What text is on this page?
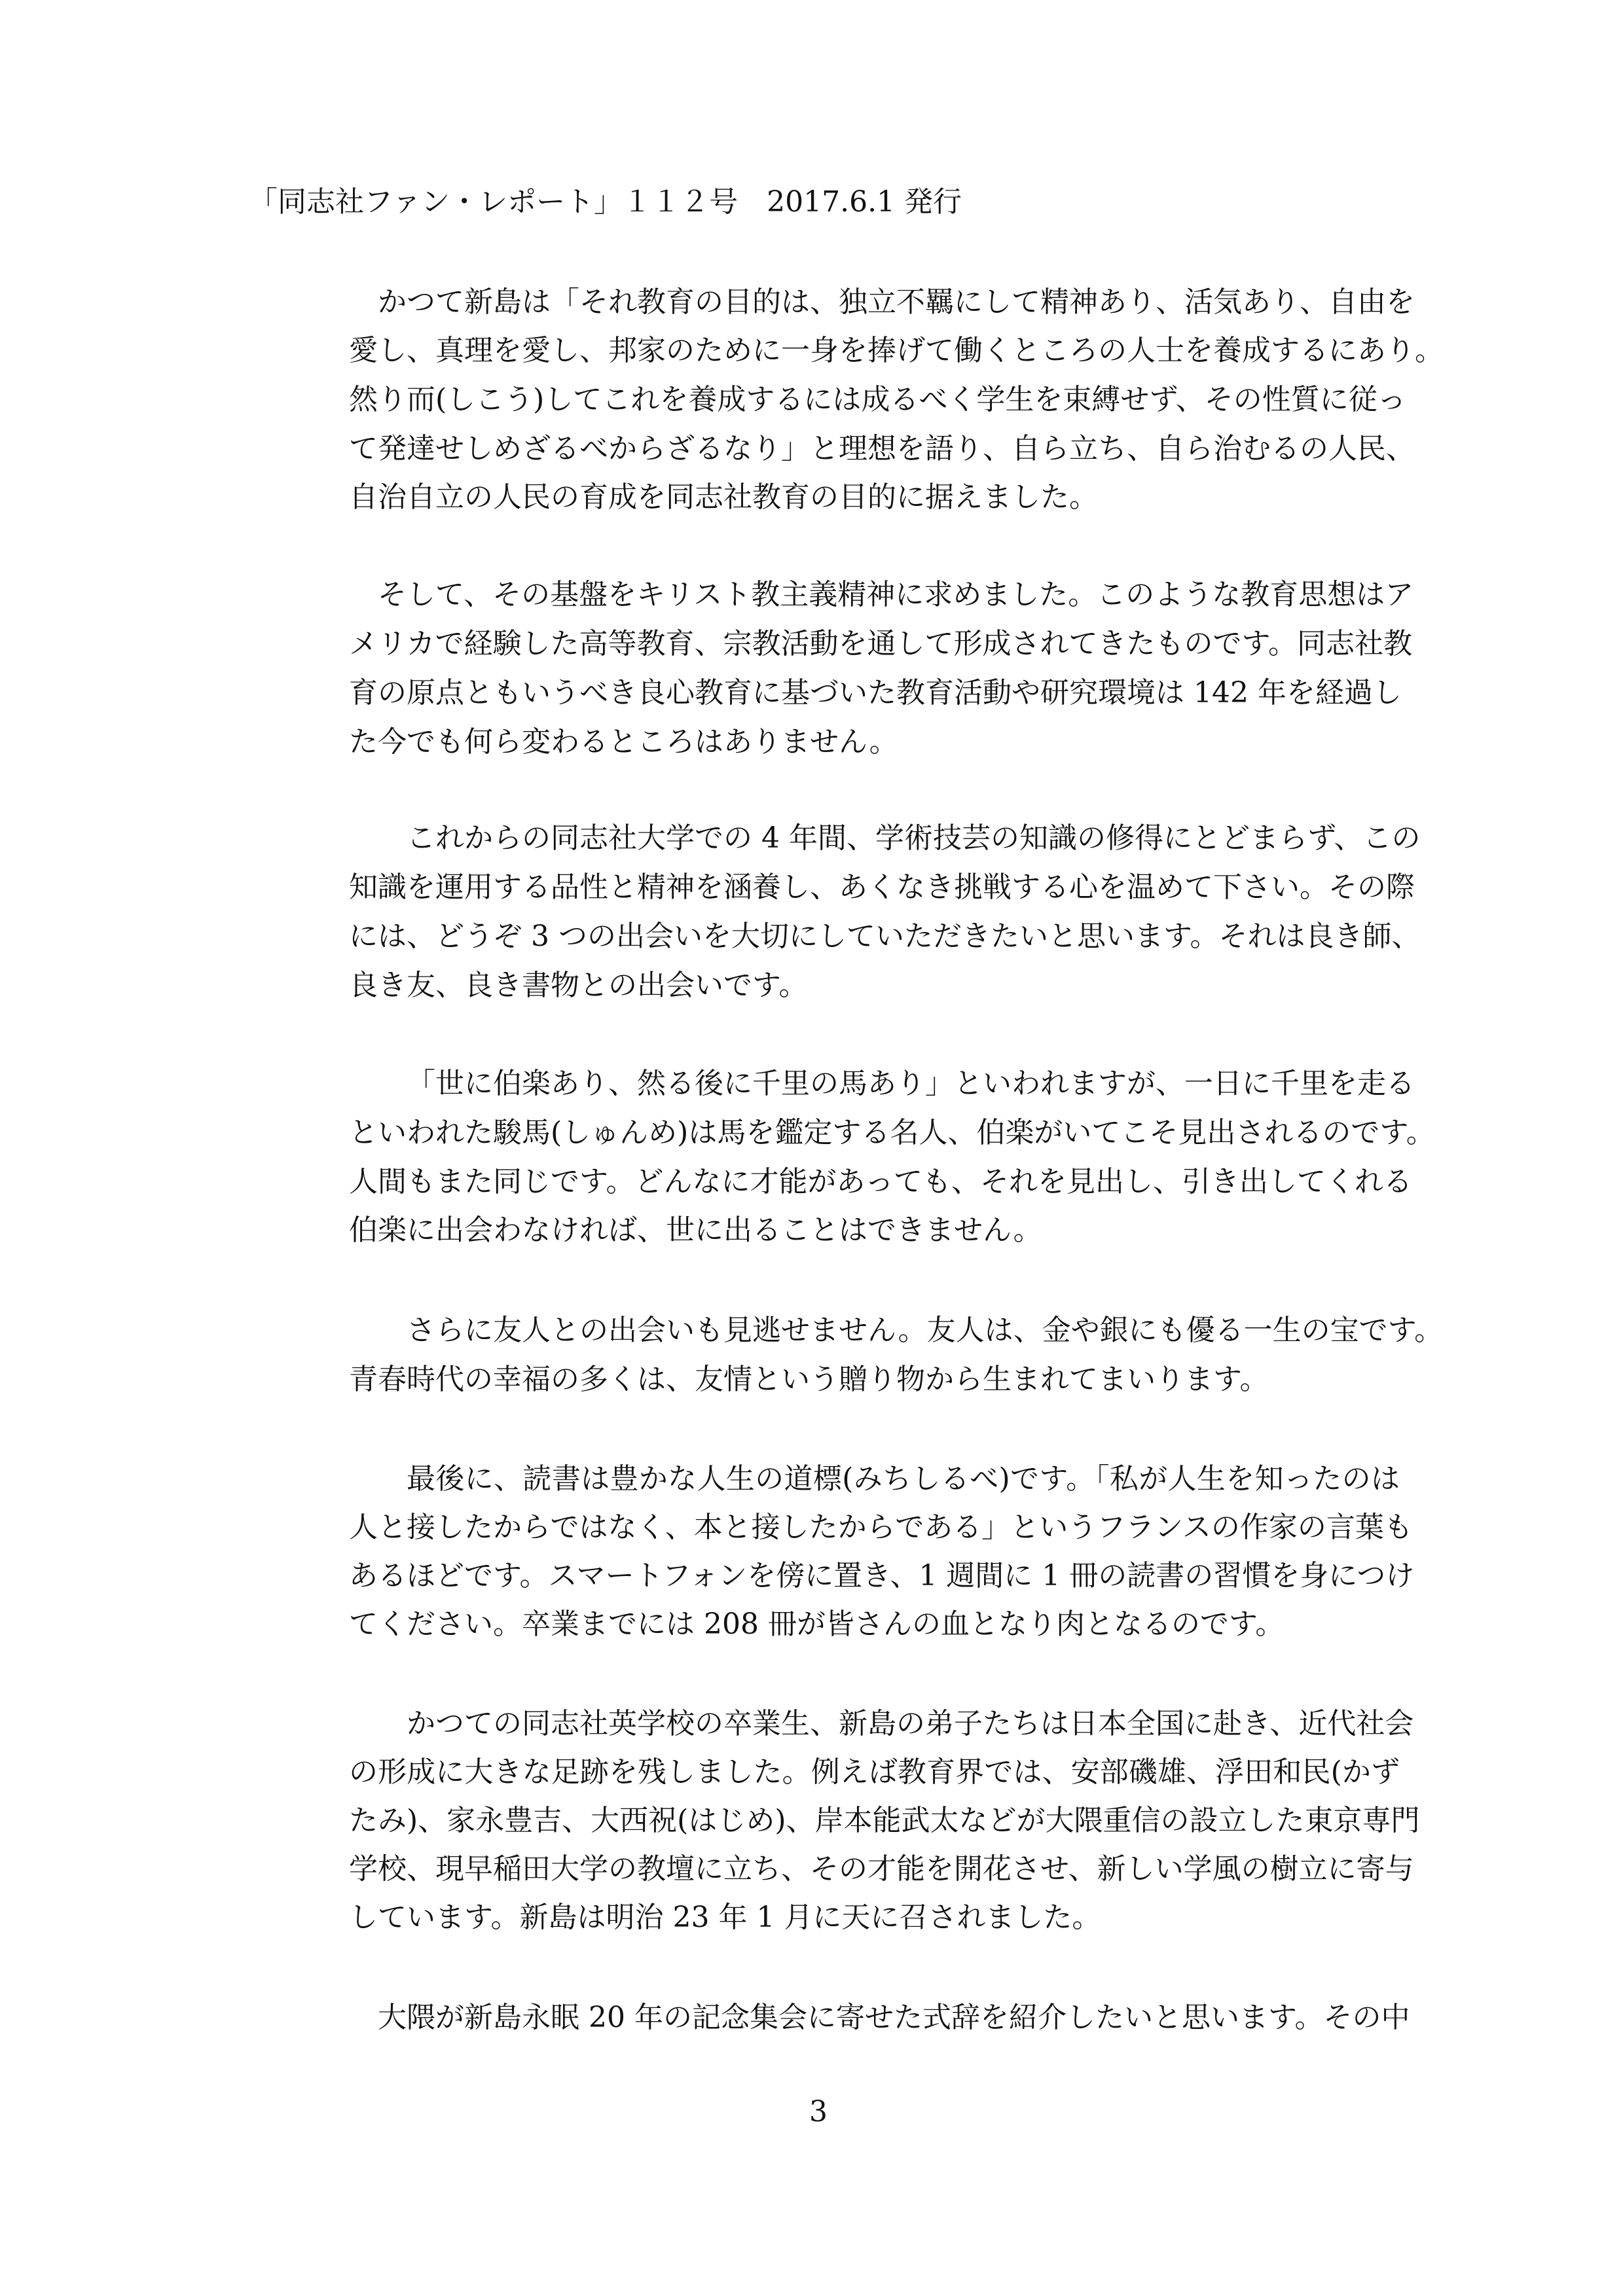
「同志社ファン・レポート」１１２号　2017.6.1 発行
かつて新島は「それ教育の目的は、独立不羈にして精神あり、活気あり、自由を
愛し、真理を愛し、邦家のために一身を捧げて働くところの人士を養成するにあり。
然り而(しこう)してこれを養成するには成るべく学生を束縛せず、その性質に従っ
て発達せしめざるべからざるなり」と理想を語り、自ら立ち、自ら治むるの人民、
自治自立の人民の育成を同志社教育の目的に据えました。
そして、その基盤をキリスト教主義精神に求めました。このような教育思想はア
メリカで経験した高等教育、宗教活動を通して形成されてきたものです。同志社教
育の原点ともいうべき良心教育に基づいた教育活動や研究環境は 142 年を経過し
た今でも何ら変わるところはありません。
これからの同志社大学での 4 年間、学術技芸の知識の修得にとどまらず、この
知識を運用する品性と精神を涵養し、あくなき挑戦する心を温めて下さい。その際
には、どうぞ 3 つの出会いを大切にしていただきたいと思います。それは良き師、
良き友、良き書物との出会いです。
「世に伯楽あり、然る後に千里の馬あり」といわれますが、一日に千里を走る
といわれた駿馬(しゅんめ)は馬を鑑定する名人、伯楽がいてこそ見出されるのです。
人間もまた同じです。どんなに才能があっても、それを見出し、引き出してくれる
伯楽に出会わなければ、世に出ることはできません。
さらに友人との出会いも見逃せません。友人は、金や銀にも優る一生の宝です。
青春時代の幸福の多くは、友情という贈り物から生まれてまいります。
最後に、読書は豊かな人生の道標(みちしるべ)です。「私が人生を知ったのは
人と接したからではなく、本と接したからである」というフランスの作家の言葉も
あるほどです。スマートフォンを傍に置き、1 週間に 1 冊の読書の習慣を身につけ
てください。卒業までには 208 冊が皆さんの血となり肉となるのです。
かつての同志社英学校の卒業生、新島の弟子たちは日本全国に赴き、近代社会
の形成に大きな足跡を残しました。例えば教育界では、安部磯雄、浮田和民(かず
たみ)、家永豊吉、大西祝(はじめ)、岸本能武太などが大隈重信の設立した東京専門
学校、現早稲田大学の教壇に立ち、その才能を開花させ、新しい学風の樹立に寄与
しています。新島は明治 23 年 1 月に天に召されました。
大隈が新島永眠 20 年の記念集会に寄せた式辞を紹介したいと思います。その中
3
